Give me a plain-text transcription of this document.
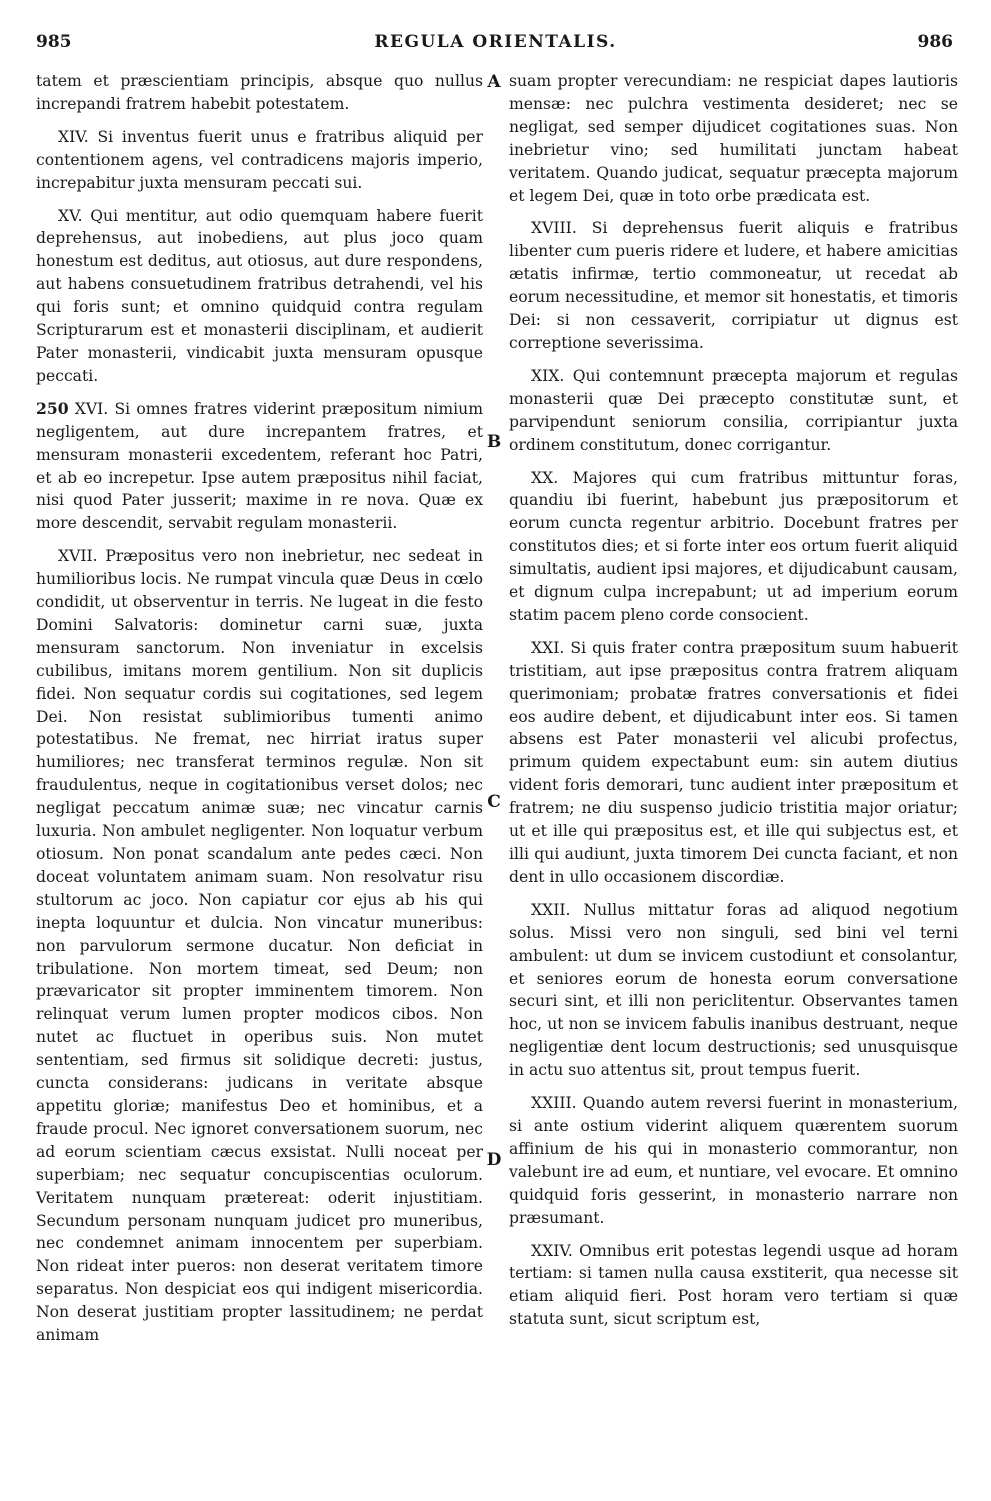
985	REGULA ORIENTALIS.	986

tatem et præscientiam principis, absque quo nullus increpandi fratrem habebit potestatem.

XIV. Si inventus fuerit unus e fratribus aliquid per contentionem agens, vel contradicens majoris imperio, increpabitur juxta mensuram peccati sui.

XV. Qui mentitur, aut odio quemquam habere fuerit deprehensus, aut inobediens, aut plus joco quam honestum est deditus, aut otiosus, aut dure respondens, aut habens consuetudinem fratribus detrahendi, vel his qui foris sunt; et omnino quidquid contra regulam Scripturarum est et monasterii disciplinam, et audierit Pater monasterii, vindicabit juxta mensuram opusque peccati.

250 XVI. Si omnes fratres viderint præpositum nimium negligentem, aut dure increpantem fratres, et mensuram monasterii excedentem, referant hoc Patri, et ab eo increpetur. Ipse autem præpositus nihil faciat, nisi quod Pater jusserit; maxime in re nova. Quæ ex more descendit, servabit regulam monasterii.

XVII. Præpositus vero non inebrietur, nec sedeat in humilioribus locis. Ne rumpat vincula quæ Deus in cœlo condidit, ut observentur in terris. Ne lugeat in die festo Domini Salvatoris: dominetur carni suæ, juxta mensuram sanctorum. Non inveniatur in excelsis cubilibus, imitans morem gentilium. Non sit duplicis fidei. Non sequatur cordis sui cogitationes, sed legem Dei. Non resistat sublimioribus tumenti animo potestatibus. Ne fremat, nec hirriat iratus super humiliores; nec transferat terminos regulæ. Non sit fraudulentus, neque in cogitationibus verset dolos; nec negligat peccatum animæ suæ; nec vincatur carnis luxuria. Non ambulet negligenter. Non loquatur verbum otiosum. Non ponat scandalum ante pedes cæci. Non doceat voluntatem animam suam. Non resolvatur risu stultorum ac joco. Non capiatur cor ejus ab his qui inepta loquuntur et dulcia. Non vincatur muneribus: non parvulorum sermone ducatur. Non deficiat in tribulatione. Non mortem timeat, sed Deum; non prævaricator sit propter imminentem timorem. Non relinquat verum lumen propter modicos cibos. Non nutet ac fluctuet in operibus suis. Non mutet sententiam, sed firmus sit solidique decreti: justus, cuncta considerans: judicans in veritate absque appetitu gloriæ; manifestus Deo et hominibus, et a fraude procul. Nec ignoret conversationem suorum, nec ad eorum scientiam cæcus exsistat. Nulli noceat per superbiam; nec sequatur concupiscentias oculorum. Veritatem nunquam prætereat: oderit injustitiam. Secundum personam nunquam judicet pro muneribus, nec condemnet animam innocentem per superbiam. Non rideat inter pueros: non deserat veritatem timore separatus. Non despiciat eos qui indigent misericordia. Non deserat justitiam propter lassitudinem; ne perdat animam

suam propter verecundiam: ne respiciat dapes lautioris mensæ: nec pulchra vestimenta desideret; nec se negligat, sed semper dijudicet cogitationes suas. Non inebrietur vino; sed humilitati junctam habeat veritatem. Quando judicat, sequatur præcepta majorum et legem Dei, quæ in toto orbe prædicata est.

XVIII. Si deprehensus fuerit aliquis e fratribus libenter cum pueris ridere et ludere, et habere amicitias ætatis infirmæ, tertio commoneatur, ut recedat ab eorum necessitudine, et memor sit honestatis, et timoris Dei: si non cessaverit, corripiatur ut dignus est correptione severissima.

XIX. Qui contemnunt præcepta majorum et regulas monasterii quæ Dei præcepto constitutæ sunt, et parvipendunt seniorum consilia, corripiantur juxta ordinem constitutum, donec corrigantur.

XX. Majores qui cum fratribus mittuntur foras, quandiu ibi fuerint, habebunt jus præpositorum et eorum cuncta regentur arbitrio. Docebunt fratres per constitutos dies; et si forte inter eos ortum fuerit aliquid simultatis, audient ipsi majores, et dijudicabunt causam, et dignum culpa increpabunt; ut ad imperium eorum statim pacem pleno corde consocient.

XXI. Si quis frater contra præpositum suum habuerit tristitiam, aut ipse præpositus contra fratrem aliquam querimoniam; probatæ fratres conversationis et fidei eos audire debent, et dijudicabunt inter eos. Si tamen absens est Pater monasterii vel alicubi profectus, primum quidem expectabunt eum: sin autem diutius vident foris demorari, tunc audient inter præpositum et fratrem; ne diu suspenso judicio tristitia major oriatur; ut et ille qui præpositus est, et ille qui subjectus est, et illi qui audiunt, juxta timorem Dei cuncta faciant, et non dent in ullo occasionem discordiæ.

XXII. Nullus mittatur foras ad aliquod negotium solus. Missi vero non singuli, sed bini vel terni ambulent: ut dum se invicem custodiunt et consolantur, et seniores eorum de honesta eorum conversatione securi sint, et illi non periclitentur. Observantes tamen hoc, ut non se invicem fabulis inanibus destruant, neque negligentiæ dent locum destructionis; sed unusquisque in actu suo attentus sit, prout tempus fuerit.

XXIII. Quando autem reversi fuerint in monasterium, si ante ostium viderint aliquem quærentem suorum affinium de his qui in monasterio commorantur, non valebunt ire ad eum, et nuntiare, vel evocare. Et omnino quidquid foris gesserint, in monasterio narrare non præsumant.

XXIV. Omnibus erit potestas legendi usque ad horam tertiam: si tamen nulla causa exstiterit, qua necesse sit etiam aliquid fieri. Post horam vero tertiam si quæ statuta sunt, sicut scriptum est,

A
B
C
D
